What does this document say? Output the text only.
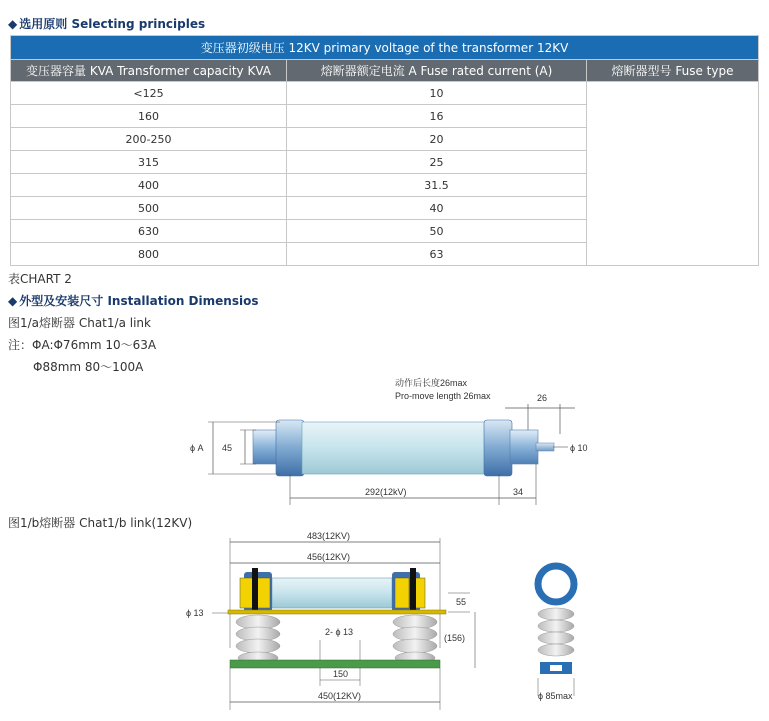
◆ 选用原则 Selecting principles
变压器初级电压 12KV primary voltage of the transformer 12KV		
变压器容量 KVA Transformer capacity KVA	熔断器额定电流 A Fuse rated current (A)	熔断器型号 Fuse type
<125	10	
160	16	
200-250	20	
315	25	
400	31.5	
500	40	
630	50	
800	63	
表CHART 2
◆ 外型及安装尺寸 Installation Dimensios
图1/a熔断器 Chat1/a link
注：ΦA:Φ76mm 10～63A
Φ88mm 80～100A
动作后长度26max
Pro-move length 26max	26
ϕ 10
ϕ A 45
292(12kV)	34
图1/b熔断器 Chat1/b link(12KV)
483(12KV)
456(12KV)
ϕ 13
55
(156)
2- ϕ 13
150
450(12KV)	ϕ 85max
